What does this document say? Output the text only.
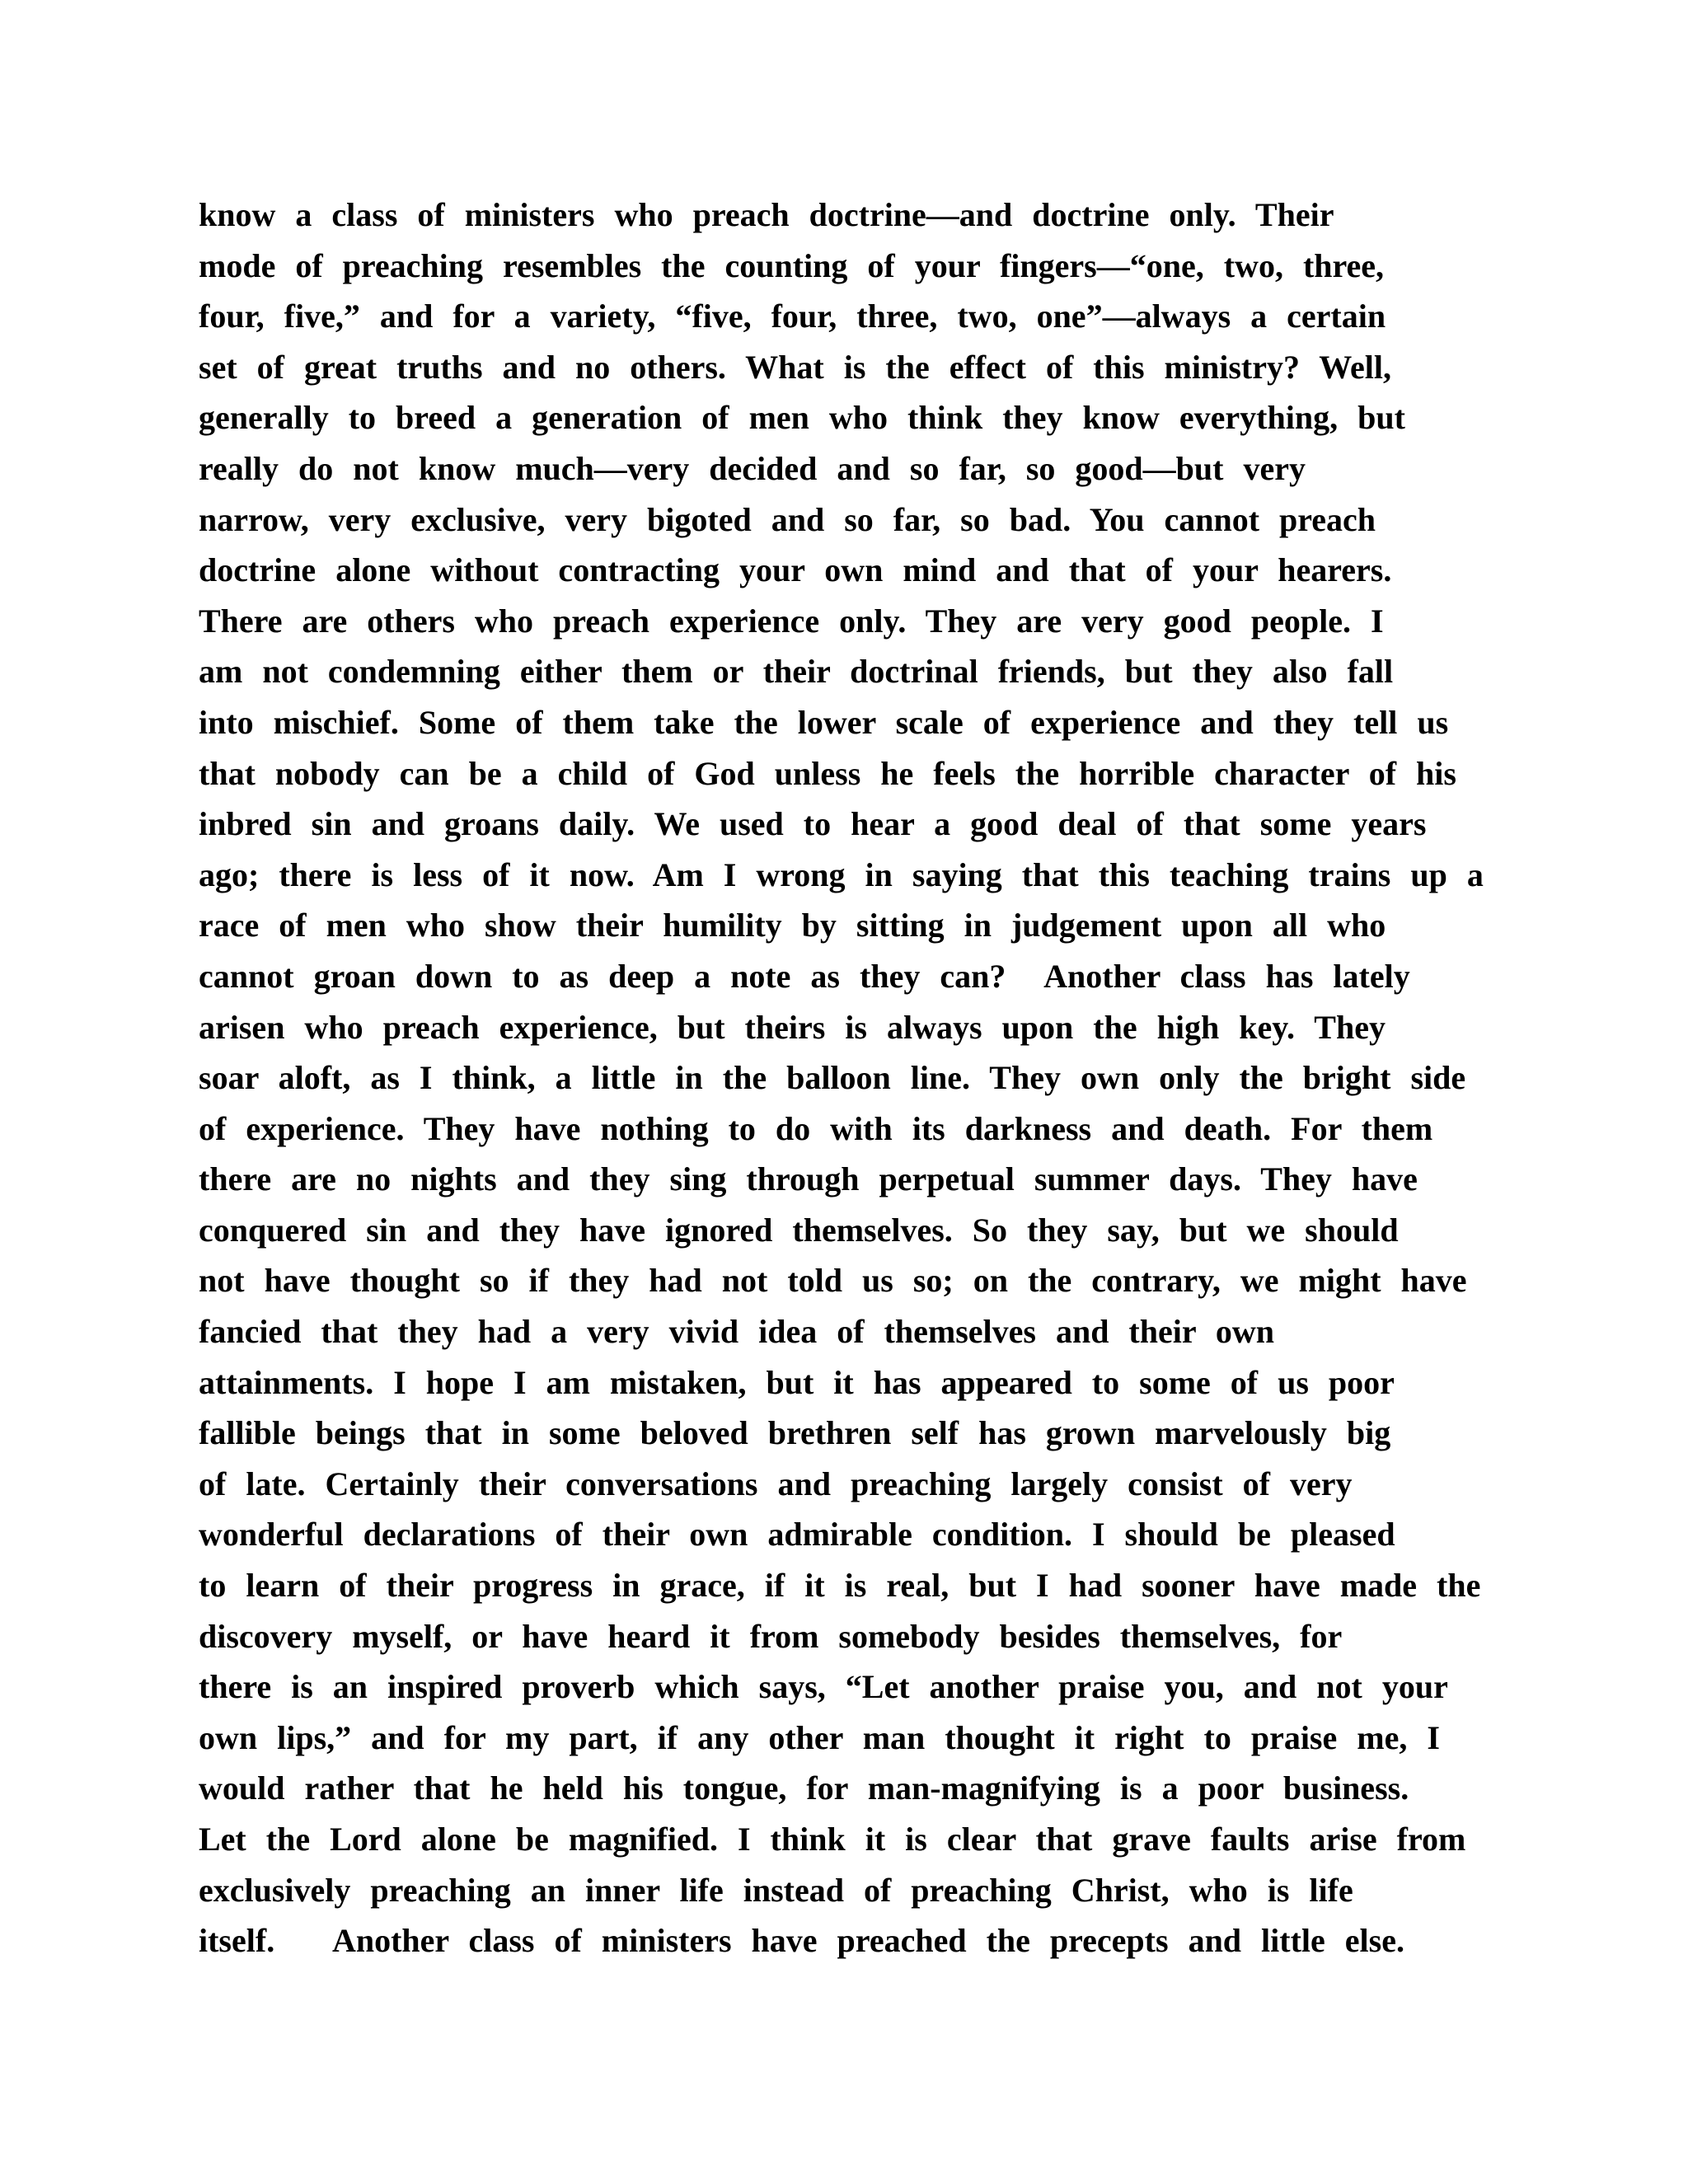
know a class of ministers who preach doctrine—and doctrine only. Their
mode of preaching resembles the counting of your fingers—“one, two, three,
four, five,” and for a variety, “five, four, three, two, one”—always a certain
set of great truths and no others. What is the effect of this ministry? Well,
generally to breed a generation of men who think they know everything, but
really do not know much—very decided and so far, so good—but very
narrow, very exclusive, very bigoted and so far, so bad. You cannot preach
doctrine alone without contracting your own mind and that of your hearers.
There are others who preach experience only. They are very good people. I
am not condemning either them or their doctrinal friends, but they also fall
into mischief. Some of them take the lower scale of experience and they tell us
that nobody can be a child of God unless he feels the horrible character of his
inbred sin and groans daily. We used to hear a good deal of that some years
ago; there is less of it now. Am I wrong in saying that this teaching trains up a
race of men who show their humility by sitting in judgement upon all who
cannot groan down to as deep a note as they can?  Another class has lately
arisen who preach experience, but theirs is always upon the high key. They
soar aloft, as I think, a little in the balloon line. They own only the bright side
of experience. They have nothing to do with its darkness and death. For them
there are no nights and they sing through perpetual summer days. They have
conquered sin and they have ignored themselves. So they say, but we should
not have thought so if they had not told us so; on the contrary, we might have
fancied that they had a very vivid idea of themselves and their own
attainments. I hope I am mistaken, but it has appeared to some of us poor
fallible beings that in some beloved brethren self has grown marvelously big
of late. Certainly their conversations and preaching largely consist of very
wonderful declarations of their own admirable condition. I should be pleased
to learn of their progress in grace, if it is real, but I had sooner have made the
discovery myself, or have heard it from somebody besides themselves, for
there is an inspired proverb which says, “Let another praise you, and not your
own lips,” and for my part, if any other man thought it right to praise me, I
would rather that he held his tongue, for man-magnifying is a poor business.
Let the Lord alone be magnified. I think it is clear that grave faults arise from
exclusively preaching an inner life instead of preaching Christ, who is life
itself.   Another class of ministers have preached the precepts and little else.
